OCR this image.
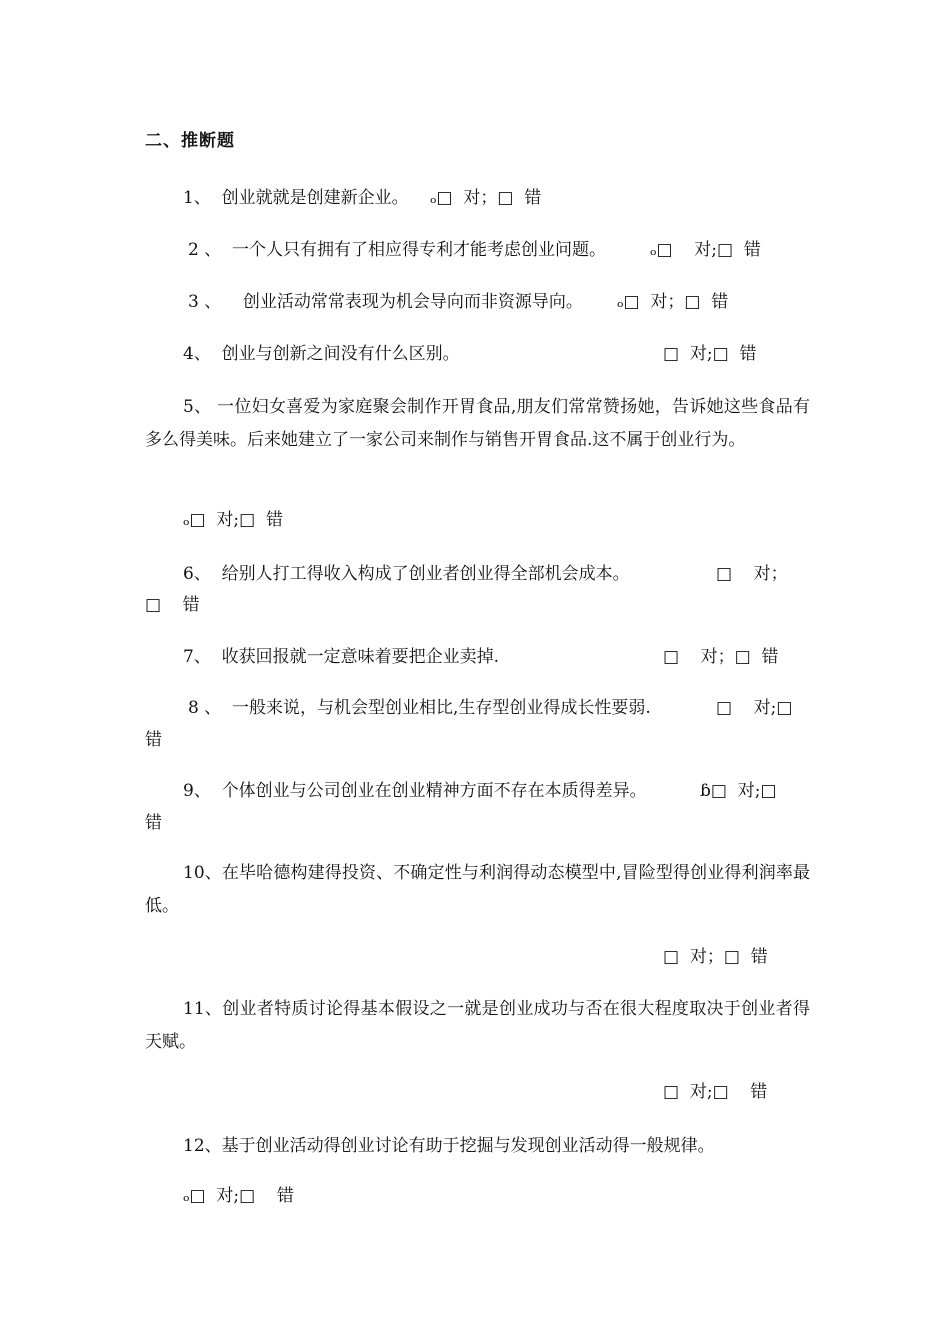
二、推断题
1、  创业就就是创建新企业。 ₒ□  对；□  错
2 、  一个人只有拥有了相应得专利才能考虑创业问题。	ₒ□    对;□  错
3 、    创业活动常常表现为机会导向而非资源导向。 ₒ□  对；□  错
4、  创业与创新之间没有什么区别。	□  对;□  错
5、 一位妇女喜爱为家庭聚会制作开胃食品,朋友们常常赞扬她，告诉她这些食品有多么得美味。后来她建立了一家公司来制作与销售开胃食品.这不属于创业行为。
ₒ□  对;□  错
6、  给别人打工得收入构成了创业者创业得全部机会成本。	□    对；
□    错
7、  收获回报就一定意味着要把企业卖掉.	□    对；□  错
8 、  一般来说，与机会型创业相比,生存型创业得成长性要弱.	□    对;□
错
9、  个体创业与公司创业在创业精神方面不存在本质得差异。	ɓ□  对;□
错
10、在毕哈德构建得投资、不确定性与利润得动态模型中,冒险型得创业得利润率最低。
□  对；□  错
11、创业者特质讨论得基本假设之一就是创业成功与否在很大程度取决于创业者得天赋。
□  对;□    错
12、基于创业活动得创业讨论有助于挖掘与发现创业活动得一般规律。
ₒ□  对;□    错
